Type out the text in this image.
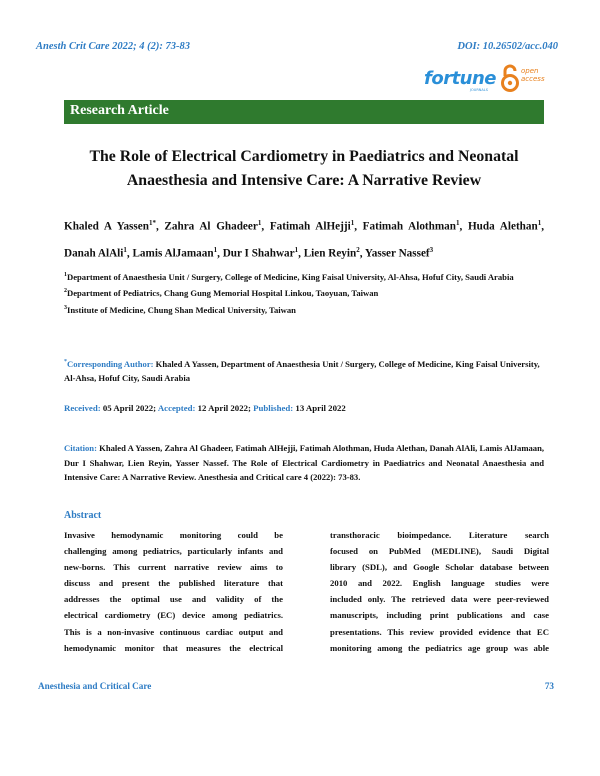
Anesth Crit Care 2022; 4 (2): 73-83	DOI: 10.26502/acc.040
fortune
JOURNALS
open
access
Research Article
The Role of Electrical Cardiometry in Paediatrics and Neonatal Anaesthesia and Intensive Care: A Narrative Review
Khaled A Yassen$^{1*}$, Zahra Al Ghadeer$^1$, Fatimah AlHejji$^1$, Fatimah Alothman$^1$, Huda Alethan$^1$, Danah AlAli$^1$, Lamis AlJamaan$^1$, Dur I Shahwar$^1$, Lien Reyin$^2$, Yasser Nassef$^3$
$^1$Department of Anaesthesia Unit / Surgery, College of Medicine, King Faisal University, Al-Ahsa, Hofuf City, Saudi Arabia
$^2$Department of Pediatrics, Chang Gung Memorial Hospital Linkou, Taoyuan, Taiwan
$^3$Institute of Medicine, Chung Shan Medical University, Taiwan
*Corresponding Author: Khaled A Yassen, Department of Anaesthesia Unit / Surgery, College of Medicine, King Faisal University, Al-Ahsa, Hofuf City, Saudi Arabia
Received: 05 April 2022; Accepted: 12 April 2022; Published: 13 April 2022
Citation: Khaled A Yassen, Zahra Al Ghadeer, Fatimah AlHejji, Fatimah Alothman, Huda Alethan, Danah AlAli, Lamis AlJamaan, Dur I Shahwar, Lien Reyin, Yasser Nassef. The Role of Electrical Cardiometry in Paediatrics and Neonatal Anaesthesia and Intensive Care: A Narrative Review. Anesthesia and Critical care 4 (2022): 73-83.
Abstract
Invasive hemodynamic monitoring could be
challenging among pediatrics, particularly infants and
new-borns. This current narrative review aims to
discuss and present the published literature that
addresses the optimal use and validity of the
electrical cardiometry (EC) device among pediatrics.
This is a non-invasive continuous cardiac output and
hemodynamic monitor that measures the electrical
transthoracic bioimpedance. Literature search
focused on PubMed (MEDLINE), Saudi Digital
library (SDL), and Google Scholar database between
2010 and 2022. English language studies were
included only. The retrieved data were peer-reviewed
manuscripts, including print publications and case
presentations. This review provided evidence that EC
monitoring among the pediatrics age group was able
Anesthesia and Critical Care	73
